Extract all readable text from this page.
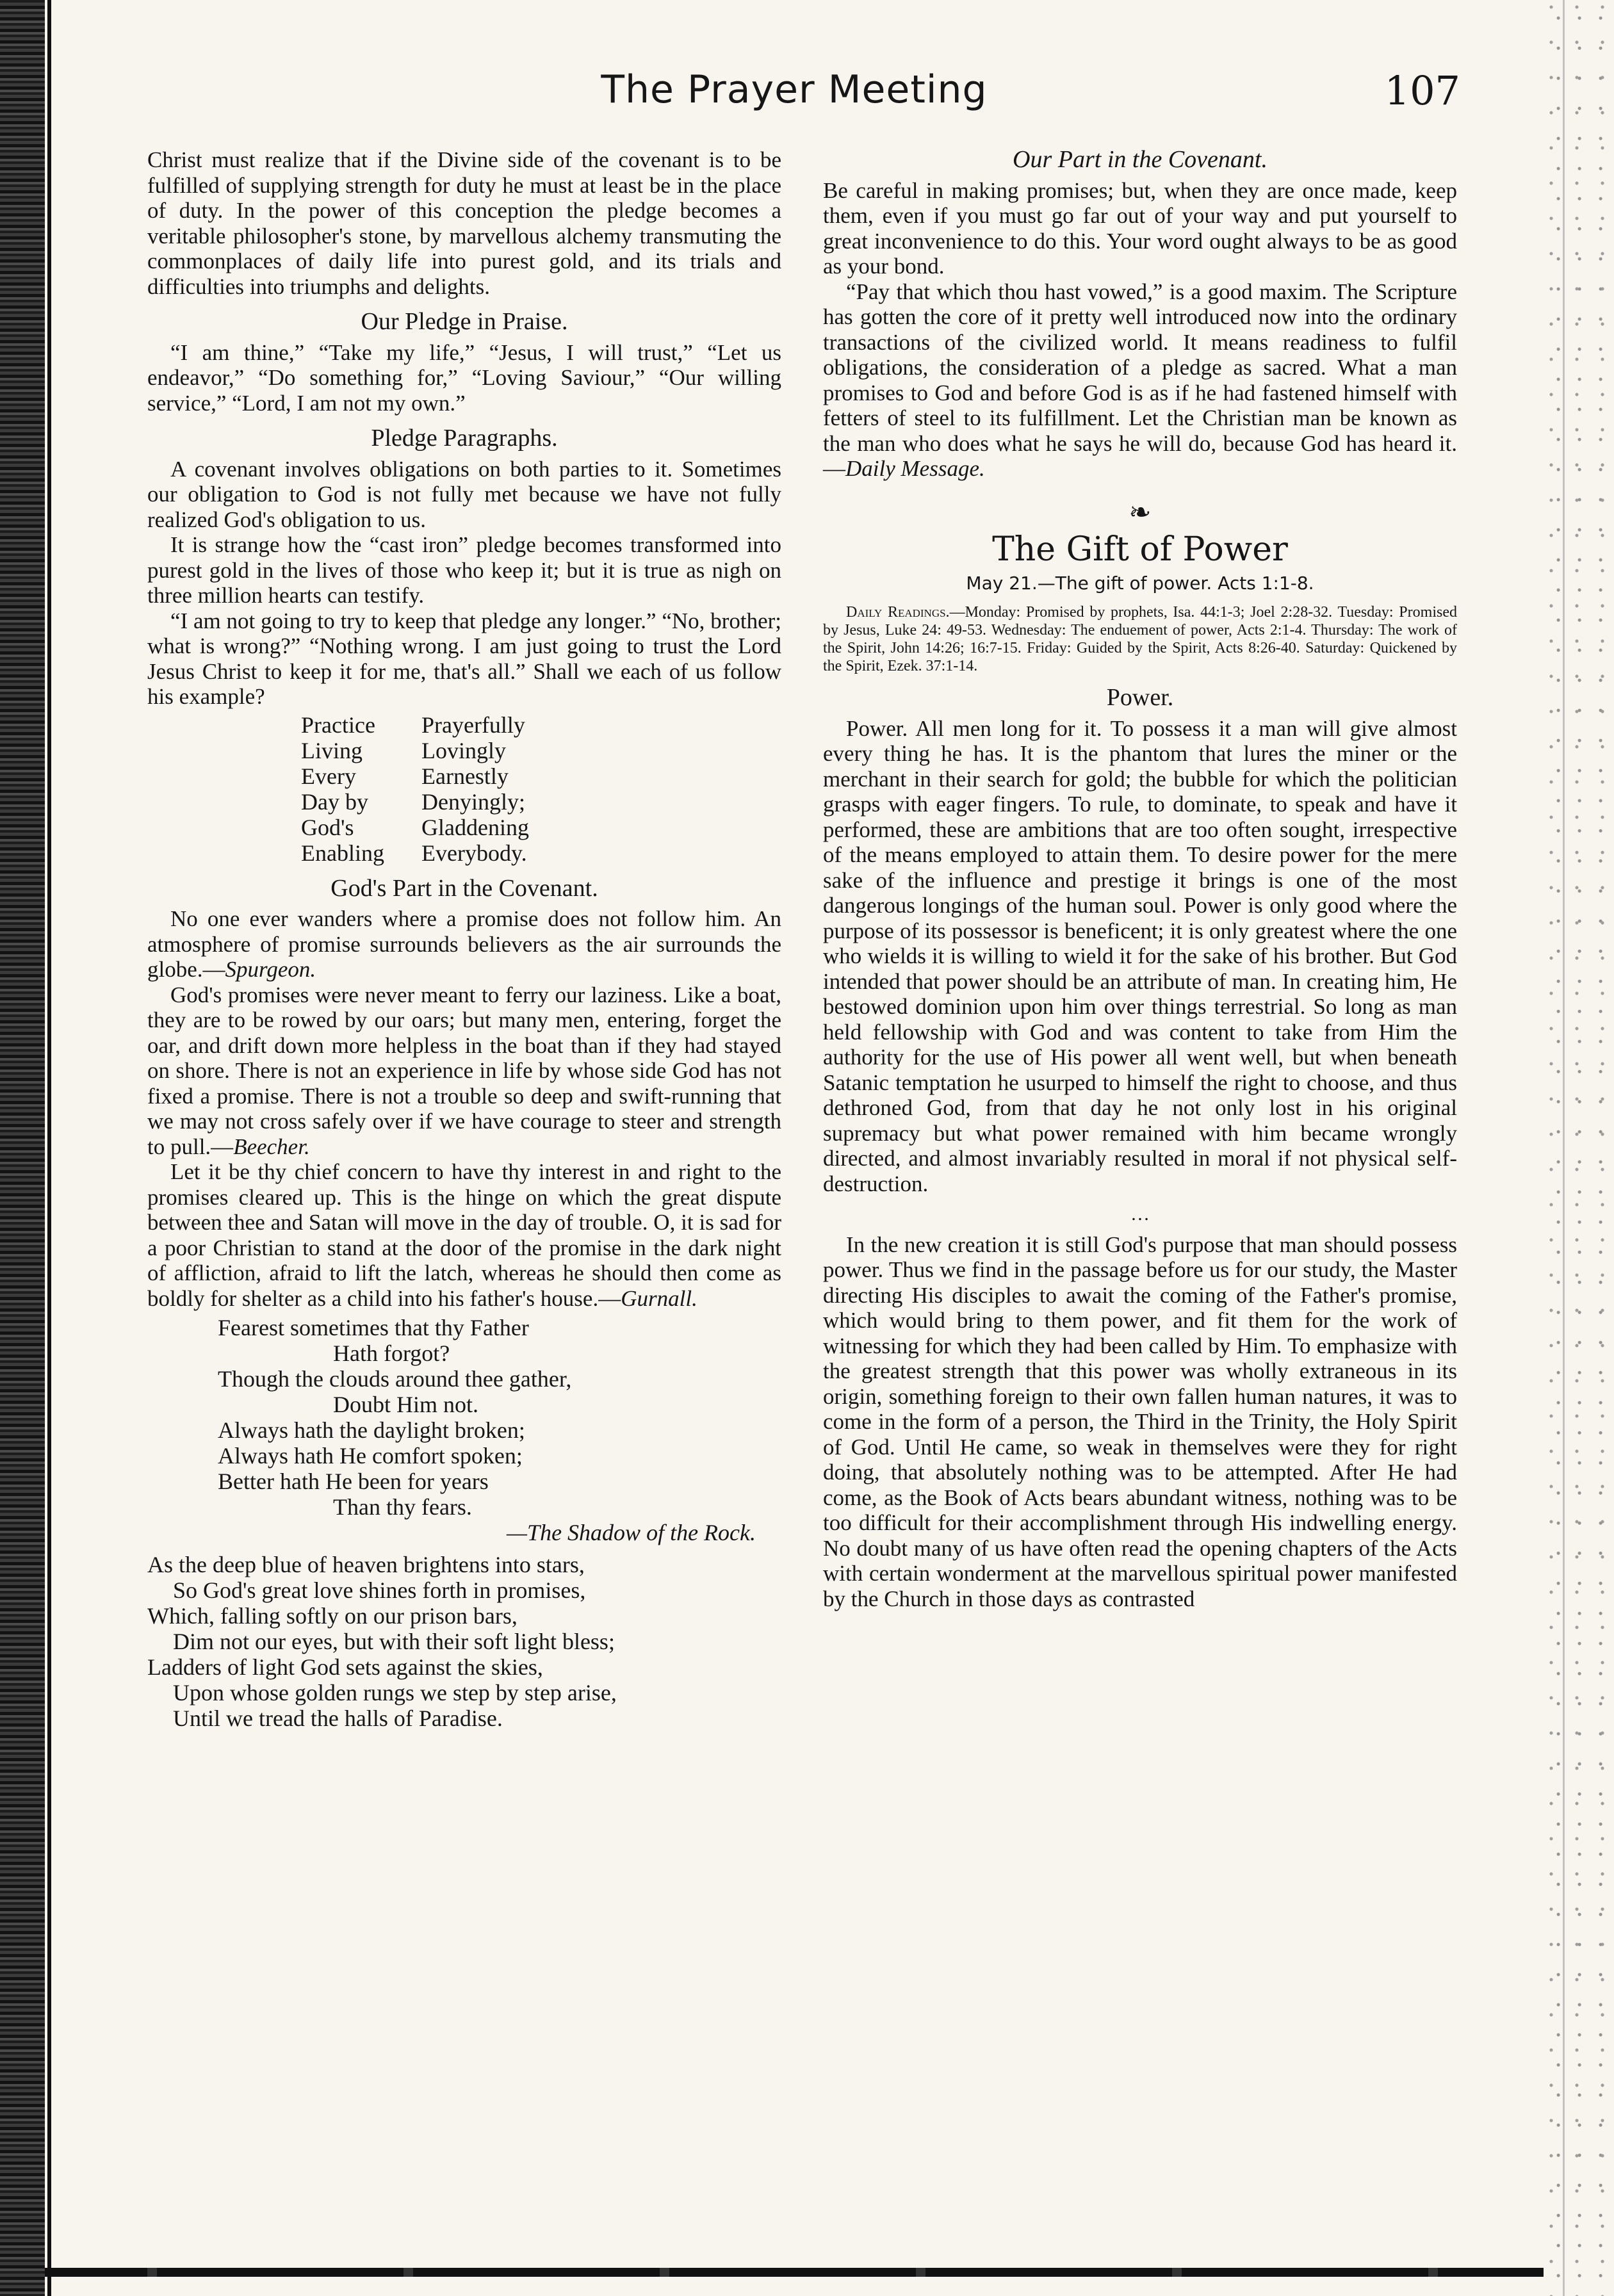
The Prayer Meeting	107

Christ must realize that if the Divine side of the covenant is to be fulfilled of supplying strength for duty he must at least be in the place of duty. In the power of this conception the pledge becomes a veritable philosopher's stone, by marvellous alchemy transmuting the commonplaces of daily life into purest gold, and its trials and difficulties into triumphs and delights.

Our Pledge in Praise.

“I am thine,” “Take my life,” “Jesus, I will trust,” “Let us endeavor,” “Do something for,” “Loving Saviour,” “Our willing service,” “Lord, I am not my own.”

Pledge Paragraphs.

A covenant involves obligations on both parties to it. Sometimes our obligation to God is not fully met because we have not fully realized God's obligation to us.

It is strange how the “cast iron” pledge becomes transformed into purest gold in the lives of those who keep it; but it is true as nigh on three million hearts can testify.

“I am not going to try to keep that pledge any longer.” “No, brother; what is wrong?” “Nothing wrong. I am just going to trust the Lord Jesus Christ to keep it for me, that's all.” Shall we each of us follow his example?

Practice	Prayerfully
Living	Lovingly
Every	Earnestly
Day by	Denyingly;
God's	Gladdening
Enabling	Everybody.
God's Part in the Covenant.

No one ever wanders where a promise does not follow him. An atmosphere of promise surrounds believers as the air surrounds the globe.—Spurgeon.

God's promises were never meant to ferry our laziness. Like a boat, they are to be rowed by our oars; but many men, entering, forget the oar, and drift down more helpless in the boat than if they had stayed on shore. There is not an experience in life by whose side God has not fixed a promise. There is not a trouble so deep and swift-running that we may not cross safely over if we have courage to steer and strength to pull.—Beecher.

Let it be thy chief concern to have thy interest in and right to the promises cleared up. This is the hinge on which the great dispute between thee and Satan will move in the day of trouble. O, it is sad for a poor Christian to stand at the door of the promise in the dark night of affliction, afraid to lift the latch, whereas he should then come as boldly for shelter as a child into his father's house.—Gurnall.

Fearest sometimes that thy Father
Hath forgot?
Though the clouds around thee gather,
Doubt Him not.
Always hath the daylight broken;
Always hath He comfort spoken;
Better hath He been for years
Than thy fears.
—The Shadow of the Rock.
As the deep blue of heaven brightens into stars,
So God's great love shines forth in promises,
Which, falling softly on our prison bars,
Dim not our eyes, but with their soft light bless;
Ladders of light God sets against the skies,
Upon whose golden rungs we step by step arise,
Until we tread the halls of Paradise.
Our Part in the Covenant.

Be careful in making promises; but, when they are once made, keep them, even if you must go far out of your way and put yourself to great inconvenience to do this. Your word ought always to be as good as your bond.

“Pay that which thou hast vowed,” is a good maxim. The Scripture has gotten the core of it pretty well introduced now into the ordinary transactions of the civilized world. It means readiness to fulfil obligations, the consideration of a pledge as sacred. What a man promises to God and before God is as if he had fastened himself with fetters of steel to its fulfillment. Let the Christian man be known as the man who does what he says he will do, because God has heard it.—Daily Message.

❧
The Gift of Power
May 21.—The gift of power. Acts 1:1-8.
Daily Readings.—Monday: Promised by prophets, Isa. 44:1-3; Joel 2:28-32. Tuesday: Promised by Jesus, Luke 24: 49-53. Wednesday: The enduement of power, Acts 2:1-4. Thursday: The work of the Spirit, John 14:26; 16:7-15. Friday: Guided by the Spirit, Acts 8:26-40. Saturday: Quickened by the Spirit, Ezek. 37:1-14.
Power.

Power. All men long for it. To possess it a man will give almost every thing he has. It is the phantom that lures the miner or the merchant in their search for gold; the bubble for which the politician grasps with eager fingers. To rule, to dominate, to speak and have it performed, these are ambitions that are too often sought, irrespective of the means employed to attain them. To desire power for the mere sake of the influence and prestige it brings is one of the most dangerous longings of the human soul. Power is only good where the purpose of its possessor is beneficent; it is only greatest where the one who wields it is willing to wield it for the sake of his brother. But God intended that power should be an attribute of man. In creating him, He bestowed dominion upon him over things terrestrial. So long as man held fellowship with God and was content to take from Him the authority for the use of His power all went well, but when beneath Satanic temptation he usurped to himself the right to choose, and thus dethroned God, from that day he not only lost in his original supremacy but what power remained with him became wrongly directed, and almost invariably resulted in moral if not physical self-destruction.

…

In the new creation it is still God's purpose that man should possess power. Thus we find in the passage before us for our study, the Master directing His disciples to await the coming of the Father's promise, which would bring to them power, and fit them for the work of witnessing for which they had been called by Him. To emphasize with the greatest strength that this power was wholly extraneous in its origin, something foreign to their own fallen human natures, it was to come in the form of a person, the Third in the Trinity, the Holy Spirit of God. Until He came, so weak in themselves were they for right doing, that absolutely nothing was to be attempted. After He had come, as the Book of Acts bears abundant witness, nothing was to be too difficult for their accomplishment through His indwelling energy. No doubt many of us have often read the opening chapters of the Acts with certain wonderment at the marvellous spiritual power manifested by the Church in those days as contrasted
